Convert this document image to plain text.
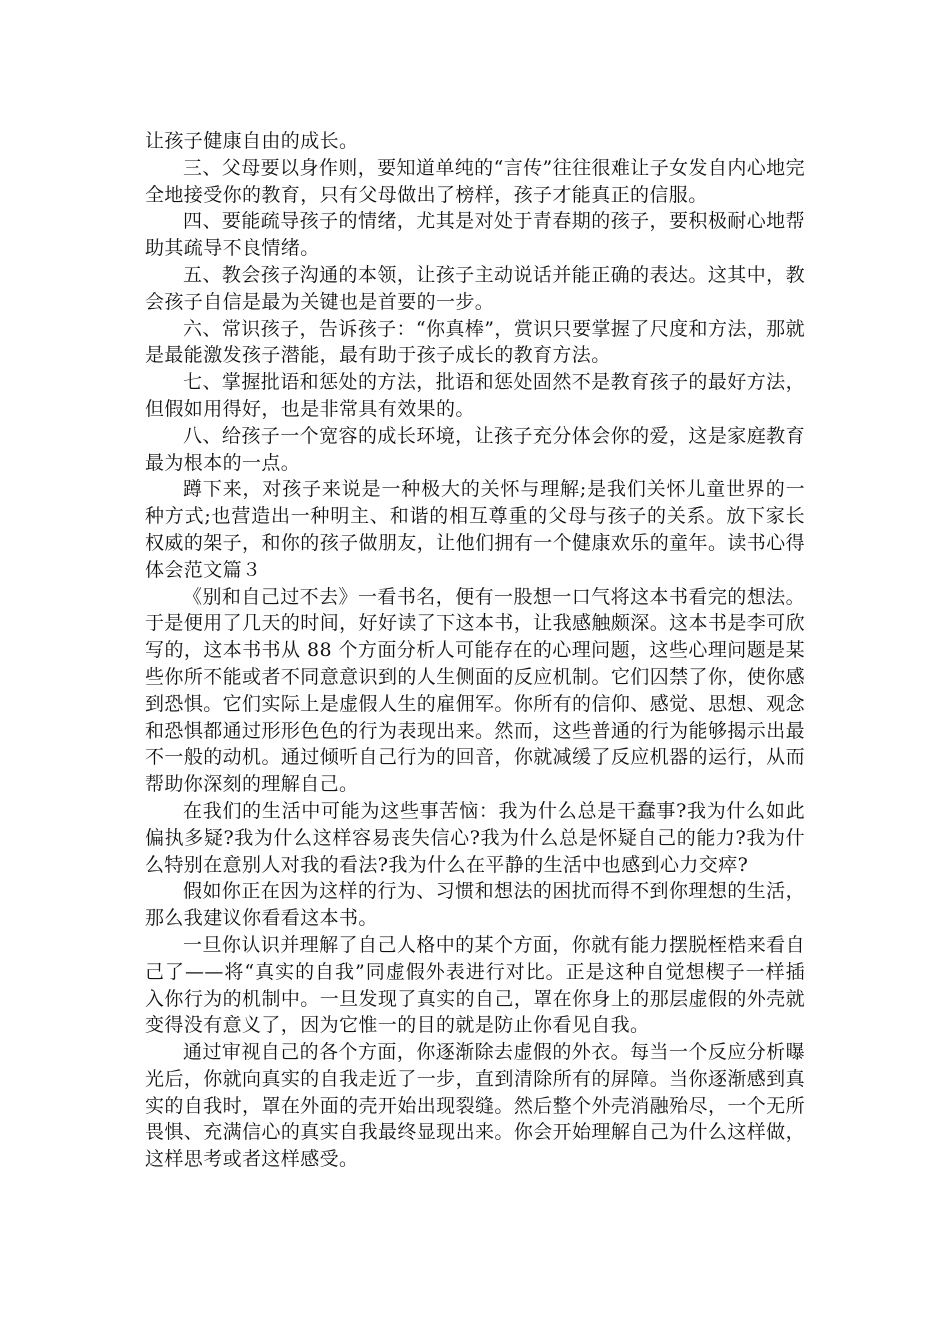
让孩子健康自由的成长。

三、父母要以身作则，要知道单纯的“言传”往往很难让子女发自内心地完全地接受你的教育，只有父母做出了榜样，孩子才能真正的信服。

四、要能疏导孩子的情绪，尤其是对处于青春期的孩子，要积极耐心地帮助其疏导不良情绪。

五、教会孩子沟通的本领，让孩子主动说话并能正确的表达。这其中，教会孩子自信是最为关键也是首要的一步。

六、常识孩子，告诉孩子：“你真棒”，赏识只要掌握了尺度和方法，那就是最能激发孩子潜能，最有助于孩子成长的教育方法。

七、掌握批语和惩处的方法，批语和惩处固然不是教育孩子的最好方法，但假如用得好，也是非常具有效果的。

八、给孩子一个宽容的成长环境，让孩子充分体会你的爱，这是家庭教育最为根本的一点。

蹲下来，对孩子来说是一种极大的关怀与理解;是我们关怀儿童世界的一种方式;也营造出一种明主、和谐的相互尊重的父母与孩子的关系。放下家长权威的架子，和你的孩子做朋友，让他们拥有一个健康欢乐的童年。读书心得体会范文篇３

《别和自己过不去》一看书名，便有一股想一口气将这本书看完的想法。于是便用了几天的时间，好好读了下这本书，让我感触颇深。这本书是李可欣写的，这本书书从 88 个方面分析人可能存在的心理问题，这些心理问题是某些你所不能或者不同意意识到的人生侧面的反应机制。它们囚禁了你，使你感到恐惧。它们实际上是虚假人生的雇佣军。你所有的信仰、感觉、思想、观念和恐惧都通过形形色色的行为表现出来。然而，这些普通的行为能够揭示出最不一般的动机。通过倾听自己行为的回音，你就减缓了反应机器的运行，从而帮助你深刻的理解自己。

在我们的生活中可能为这些事苦恼：我为什么总是干蠢事?我为什么如此偏执多疑?我为什么这样容易丧失信心?我为什么总是怀疑自己的能力?我为什么特别在意别人对我的看法?我为什么在平静的生活中也感到心力交瘁?

假如你正在因为这样的行为、习惯和想法的困扰而得不到你理想的生活，那么我建议你看看这本书。

一旦你认识并理解了自己人格中的某个方面，你就有能力摆脱桎梏来看自己了——将“真实的自我”同虚假外表进行对比。正是这种自觉想楔子一样插入你行为的机制中。一旦发现了真实的自己，罩在你身上的那层虚假的外壳就变得没有意义了，因为它惟一的目的就是防止你看见自我。

通过审视自己的各个方面，你逐渐除去虚假的外衣。每当一个反应分析曝光后，你就向真实的自我走近了一步，直到清除所有的屏障。当你逐渐感到真实的自我时，罩在外面的壳开始出现裂缝。然后整个外壳消融殆尽，一个无所畏惧、充满信心的真实自我最终显现出来。你会开始理解自己为什么这样做，这样思考或者这样感受。
